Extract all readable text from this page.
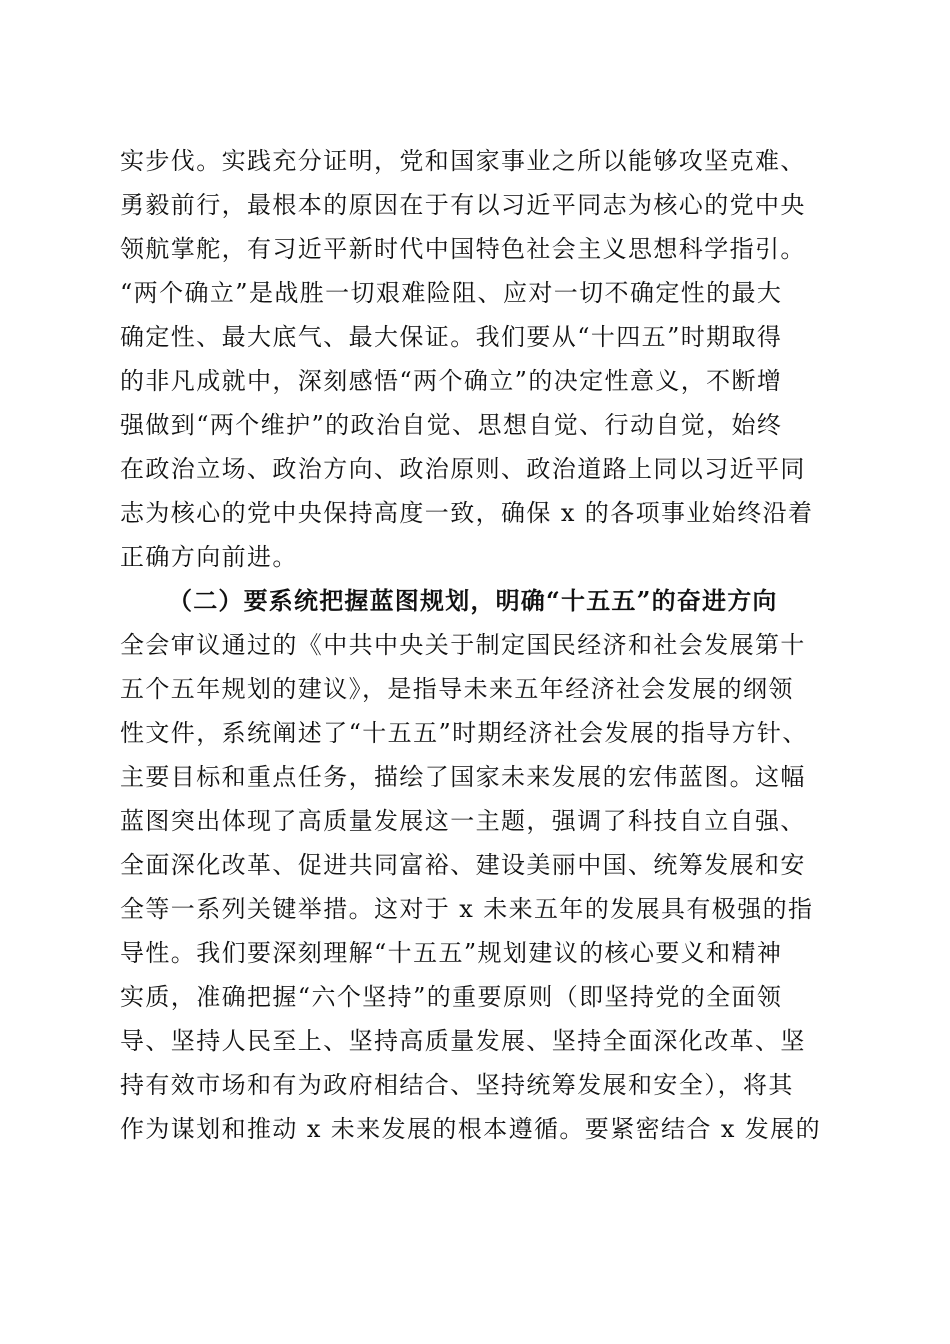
实步伐。实践充分证明，党和国家事业之所以能够攻坚克难、
勇毅前行，最根本的原因在于有以习近平同志为核心的党中央
领航掌舵，有习近平新时代中国特色社会主义思想科学指引。
“两个确立”是战胜一切艰难险阻、应对一切不确定性的最大
确定性、最大底气、最大保证。我们要从“十四五”时期取得
的非凡成就中，深刻感悟“两个确立”的决定性意义，不断增
强做到“两个维护”的政治自觉、思想自觉、行动自觉，始终
在政治立场、政治方向、政治原则、政治道路上同以习近平同
志为核心的党中央保持高度一致，确保 x 的各项事业始终沿着
正确方向前进。
（二）要系统把握蓝图规划，明确“十五五”的奋进方向
全会审议通过的《中共中央关于制定国民经济和社会发展第十
五个五年规划的建议》，是指导未来五年经济社会发展的纲领
性文件，系统阐述了“十五五”时期经济社会发展的指导方针、
主要目标和重点任务，描绘了国家未来发展的宏伟蓝图。这幅
蓝图突出体现了高质量发展这一主题，强调了科技自立自强、
全面深化改革、促进共同富裕、建设美丽中国、统筹发展和安
全等一系列关键举措。这对于 x 未来五年的发展具有极强的指
导性。我们要深刻理解“十五五”规划建议的核心要义和精神
实质，准确把握“六个坚持”的重要原则（即坚持党的全面领
导、坚持人民至上、坚持高质量发展、坚持全面深化改革、坚
持有效市场和有为政府相结合、坚持统筹发展和安全），将其
作为谋划和推动 x 未来发展的根本遵循。要紧密结合 x 发展的
